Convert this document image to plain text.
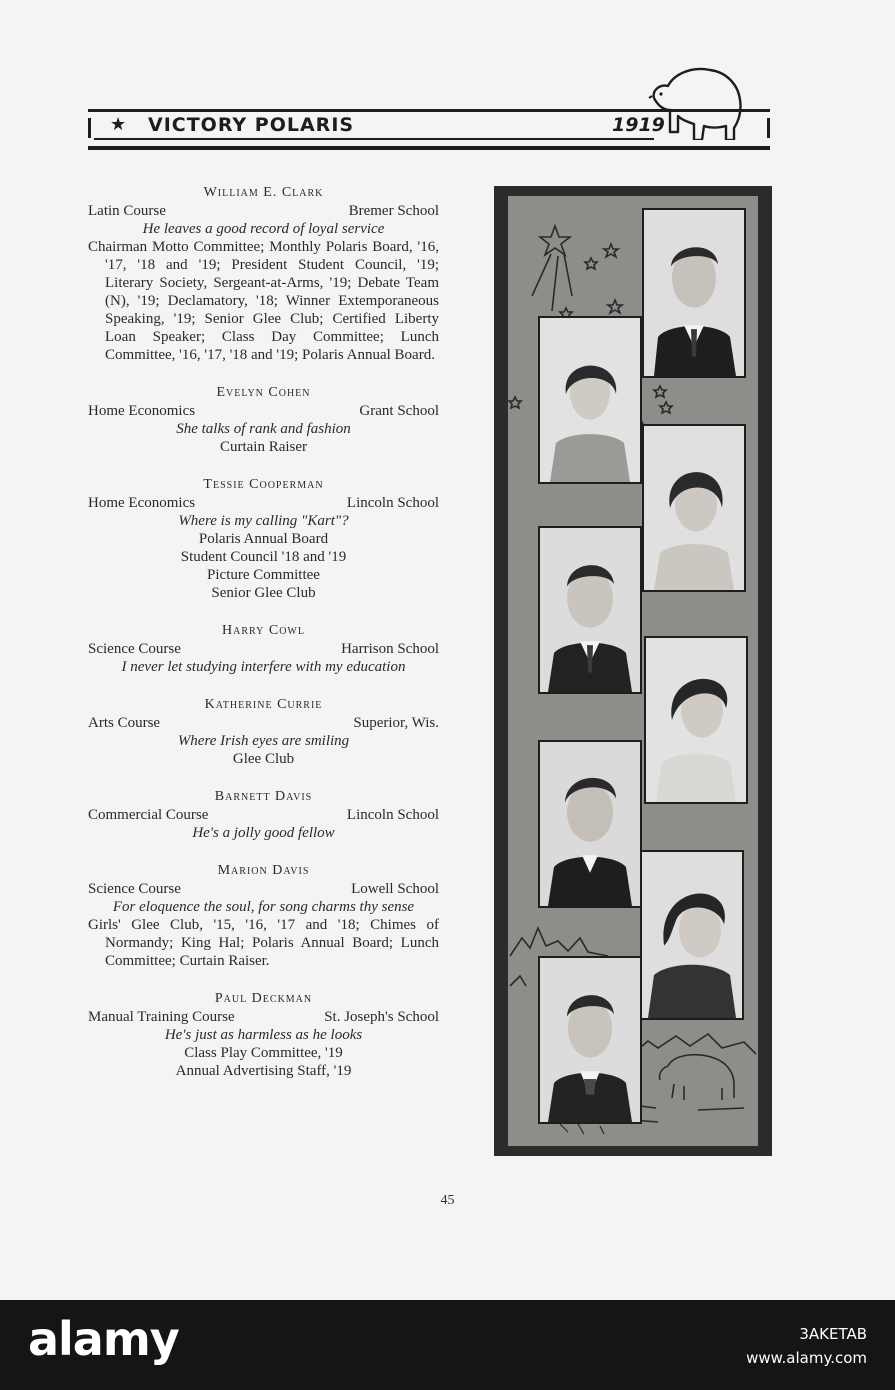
★ VICTORY POLARIS	1919
William E. Clark
Latin Course	Bremer School
He leaves a good record of loyal service
Chairman Motto Committee; Monthly Polaris Board, '16, '17, '18 and '19; President Student Council, '19; Literary Society, Sergeant-at-Arms, '19; Debate Team (N), '19; Declamatory, '18; Winner Extemporaneous Speaking, '19; Senior Glee Club; Certified Liberty Loan Speaker; Class Day Committee; Lunch Committee, '16, '17, '18 and '19; Polaris Annual Board.
Evelyn Cohen
Home Economics	Grant School
She talks of rank and fashion
Curtain Raiser
Tessie Cooperman
Home Economics	Lincoln School
Where is my calling "Kart"?
Polaris Annual Board
Student Council '18 and '19
Picture Committee
Senior Glee Club
Harry Cowl
Science Course	Harrison School
I never let studying interfere with my education
Katherine Currie
Arts Course	Superior, Wis.
Where Irish eyes are smiling
Glee Club
Barnett Davis
Commercial Course	Lincoln School
He's a jolly good fellow
Marion Davis
Science Course	Lowell School
For eloquence the soul, for song charms thy sense
Girls' Glee Club, '15, '16, '17 and '18; Chimes of Normandy; King Hal; Polaris Annual Board; Lunch Committee; Curtain Raiser.
Paul Deckman
Manual Training Course	St. Joseph's School
He's just as harmless as he looks
Class Play Committee, '19
Annual Advertising Staff, '19
45
alamy	3AKETAB
www.alamy.com
